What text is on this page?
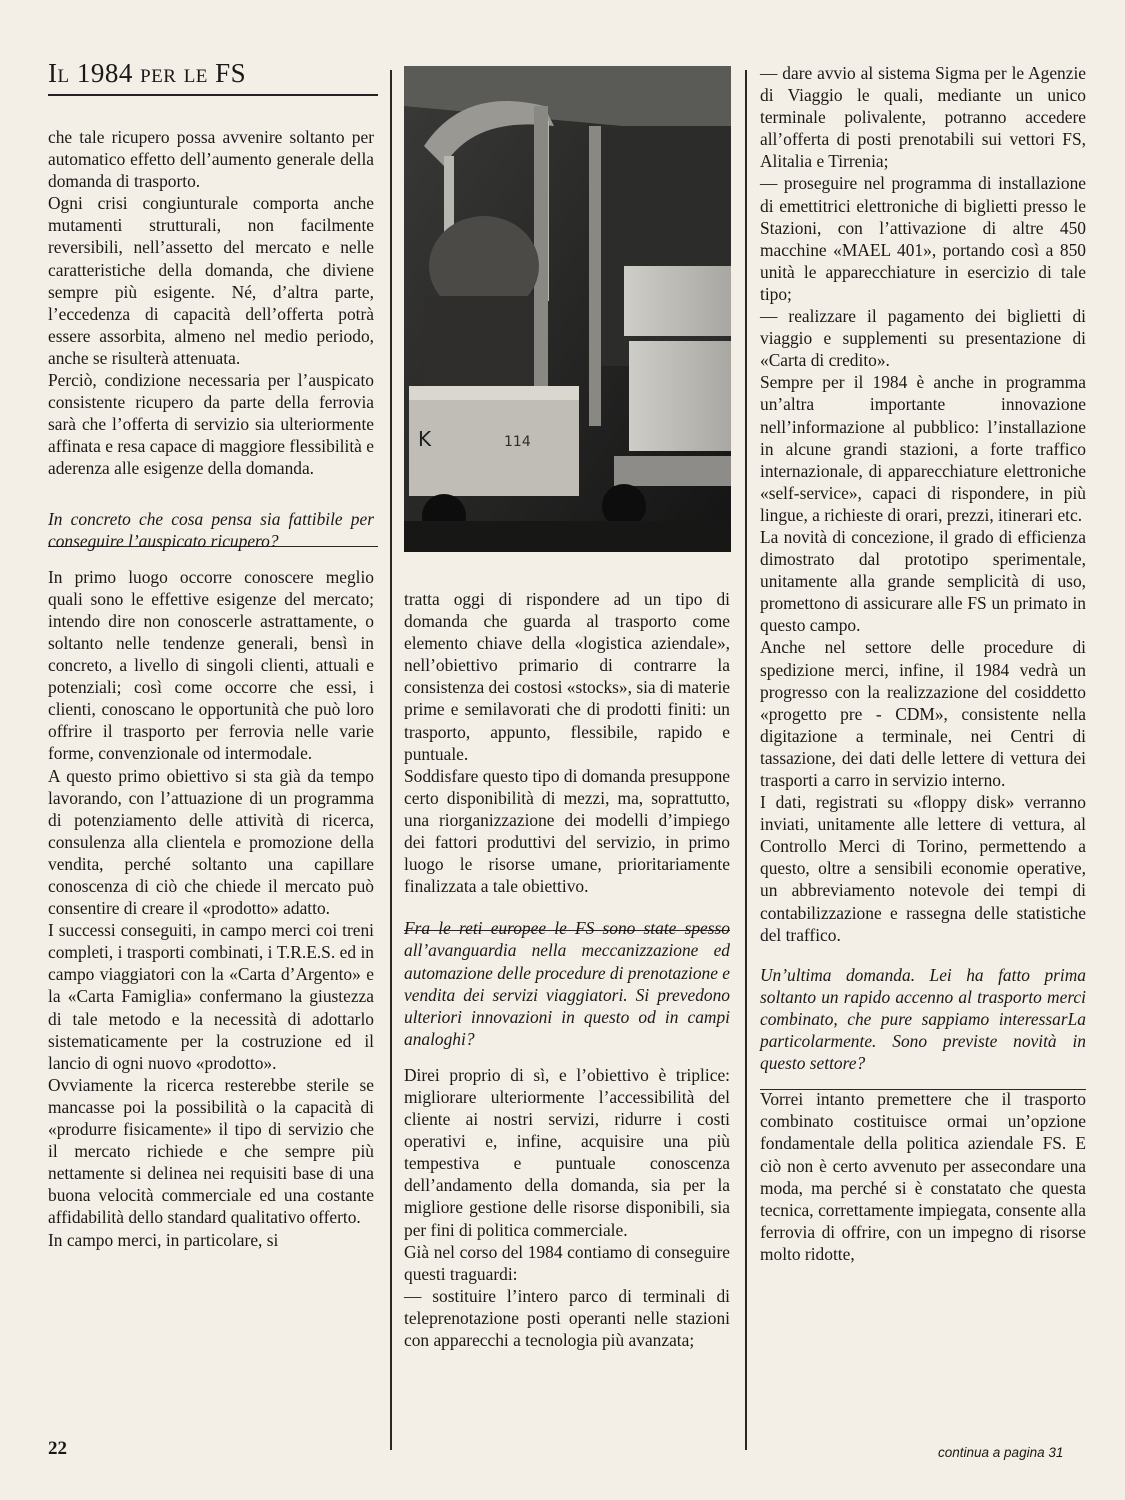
Il 1984 per le FS
K	114

che tale ricupero possa avvenire soltanto per automatico effetto dell’aumento generale della domanda di trasporto.

Ogni crisi congiunturale comporta anche mutamenti strutturali, non facilmente reversibili, nell’assetto del mercato e nelle caratteristiche della domanda, che diviene sempre più esigente. Né, d’altra parte, l’eccedenza di capacità dell’offerta potrà essere assorbita, almeno nel medio periodo, anche se risulterà attenuata.

Perciò, condizione necessaria per l’auspicato consistente ricupero da parte della ferrovia sarà che l’offerta di servizio sia ulteriormente affinata e resa capace di maggiore flessibilità e aderenza alle esigenze della domanda.

In concreto che cosa pensa sia fattibile per conseguire l’auspicato ricupero?

In primo luogo occorre conoscere meglio quali sono le effettive esigenze del mercato; intendo dire non conoscerle astrattamente, o soltanto nelle tendenze generali, bensì in concreto, a livello di singoli clienti, attuali e potenziali; così come occorre che essi, i clienti, conoscano le opportunità che può loro offrire il trasporto per ferrovia nelle varie forme, convenzionale od intermodale.

A questo primo obiettivo si sta già da tempo lavorando, con l’attuazione di un programma di potenziamento delle attività di ricerca, consulenza alla clientela e promozione della vendita, perché soltanto una capillare conoscenza di ciò che chiede il mercato può consentire di creare il «prodotto» adatto.

I successi conseguiti, in campo merci coi treni completi, i trasporti combinati, i T.R.E.S. ed in campo viaggiatori con la «Carta d’Argento» e la «Carta Famiglia» confermano la giustezza di tale metodo e la necessità di adottarlo sistematicamente per la costruzione ed il lancio di ogni nuovo «prodotto».

Ovviamente la ricerca resterebbe sterile se mancasse poi la possibilità o la capacità di «produrre fisicamente» il tipo di servizio che il mercato richiede e che sempre più nettamente si delinea nei requisiti base di una buona velocità commerciale ed una costante affidabilità dello standard qualitativo offerto.

In campo merci, in particolare, si

tratta oggi di rispondere ad un tipo di domanda che guarda al trasporto come elemento chiave della «logistica aziendale», nell’obiettivo primario di contrarre la consistenza dei costosi «stocks», sia di materie prime e semilavorati che di prodotti finiti: un trasporto, appunto, flessibile, rapido e puntuale.

Soddisfare questo tipo di domanda presuppone certo disponibilità di mezzi, ma, soprattutto, una riorganizzazione dei modelli d’impiego dei fattori produttivi del servizio, in primo luogo le risorse umane, prioritariamente finalizzata a tale obiettivo.

Fra le reti europee le FS sono state spesso all’avanguardia nella meccanizzazione ed automazione delle procedure di prenotazione e vendita dei servizi viaggiatori. Si prevedono ulteriori innovazioni in questo od in campi analoghi?

Direi proprio di sì, e l’obiettivo è triplice: migliorare ulteriormente l’accessibilità del cliente ai nostri servizi, ridurre i costi operativi e, infine, acquisire una più tempestiva e puntuale conoscenza dell’andamento della domanda, sia per la migliore gestione delle risorse disponibili, sia per fini di politica commerciale.

Già nel corso del 1984 contiamo di conseguire questi traguardi:

— sostituire l’intero parco di terminali di teleprenotazione posti operanti nelle stazioni con apparecchi a tecnologia più avanzata;

— dare avvio al sistema Sigma per le Agenzie di Viaggio le quali, mediante un unico terminale polivalente, potranno accedere all’offerta di posti prenotabili sui vettori FS, Alitalia e Tirrenia;

— proseguire nel programma di installazione di emettitrici elettroniche di biglietti presso le Stazioni, con l’attivazione di altre 450 macchine «MAEL 401», portando così a 850 unità le apparecchiature in esercizio di tale tipo;

— realizzare il pagamento dei biglietti di viaggio e supplementi su presentazione di «Carta di credito».

Sempre per il 1984 è anche in programma un’altra importante innovazione nell’informazione al pubblico: l’installazione in alcune grandi stazioni, a forte traffico internazionale, di apparecchiature elettroniche «self-service», capaci di rispondere, in più lingue, a richieste di orari, prezzi, itinerari etc.

La novità di concezione, il grado di efficienza dimostrato dal prototipo sperimentale, unitamente alla grande semplicità di uso, promettono di assicurare alle FS un primato in questo campo.

Anche nel settore delle procedure di spedizione merci, infine, il 1984 vedrà un progresso con la realizzazione del cosiddetto «progetto pre - CDM», consistente nella digitazione a terminale, nei Centri di tassazione, dei dati delle lettere di vettura dei trasporti a carro in servizio interno.

I dati, registrati su «floppy disk» verranno inviati, unitamente alle lettere di vettura, al Controllo Merci di Torino, permettendo a questo, oltre a sensibili economie operative, un abbreviamento notevole dei tempi di contabilizzazione e rassegna delle statistiche del traffico.

Un’ultima domanda. Lei ha fatto prima soltanto un rapido accenno al trasporto merci combinato, che pure sappiamo interessarLa particolarmente. Sono previste novità in questo settore?

Vorrei intanto premettere che il trasporto combinato costituisce ormai un’opzione fondamentale della politica aziendale FS. E ciò non è certo avvenuto per assecondare una moda, ma perché si è constatato che questa tecnica, correttamente impiegata, consente alla ferrovia di offrire, con un impegno di risorse molto ridotte,

continua a pagina 31
22
